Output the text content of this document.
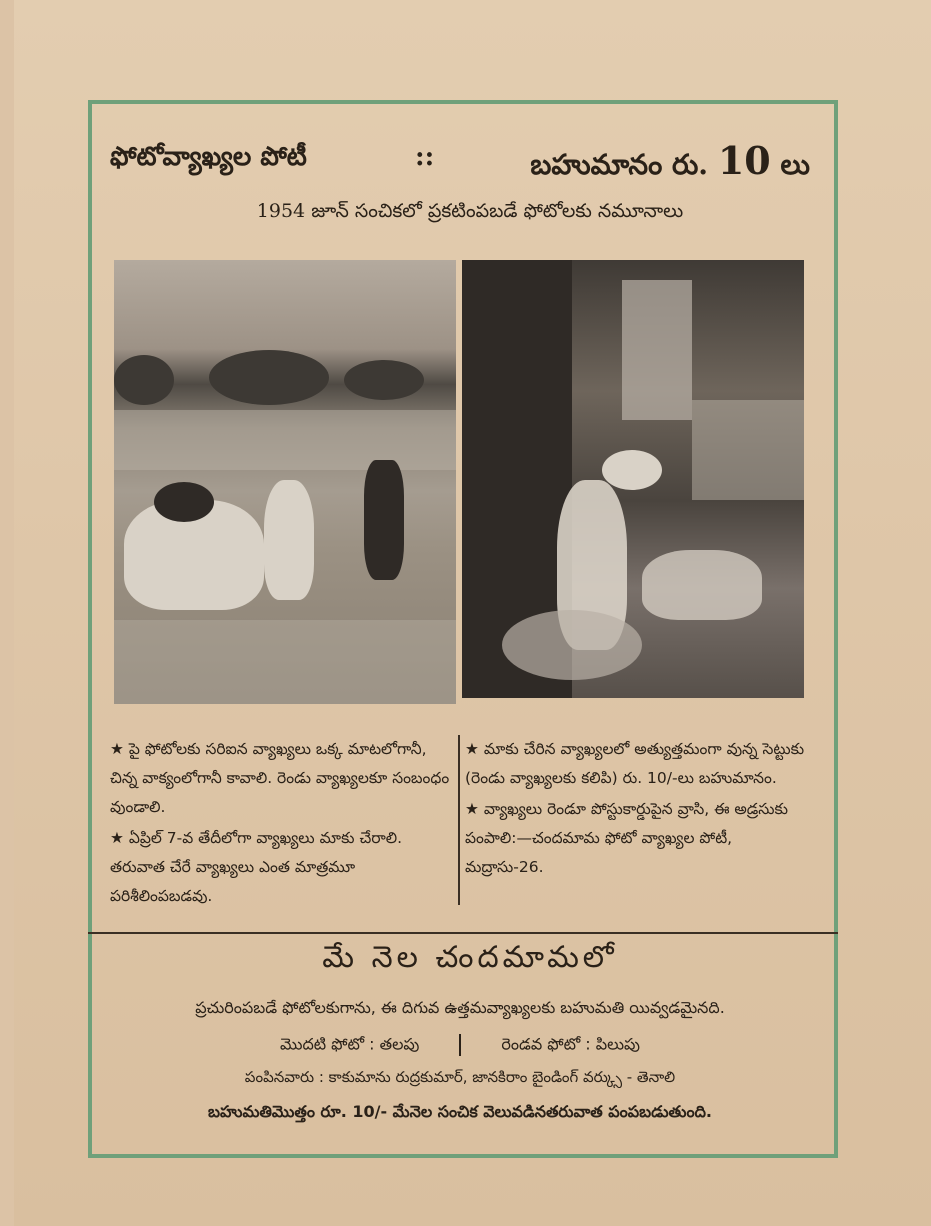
ఫోటోవ్యాఖ్యల పోటీ	::	బహుమానం రు. 10 లు
1954 జూన్ సంచికలో ప్రకటింపబడే ఫోటోలకు నమూనాలు

★ పై ఫోటోలకు సరిఐన వ్యాఖ్యలు ఒక్క మాటలోగానీ, చిన్న వాక్యంలోగానీ కావాలి. రెండు వ్యాఖ్యలకూ సంబంధం వుండాలి.

★ ఏప్రిల్ 7-వ తేదీలోగా వ్యాఖ్యలు మాకు చేరాలి. తరువాత చేరే వ్యాఖ్యలు ఎంత మాత్రమూ పరిశీలింపబడవు.

★ మాకు చేరిన వ్యాఖ్యలలో అత్యుత్తమంగా వున్న సెట్టుకు (రెండు వ్యాఖ్యలకు కలిపి) రు. 10/-లు బహుమానం.

★ వ్యాఖ్యలు రెండూ పోస్టుకార్డుపైన వ్రాసి, ఈ అడ్రసుకు పంపాలి:—చందమామ ఫోటో వ్యాఖ్యల పోటీ, మద్రాసు-26.

మే నెల చందమామలో
ప్రచురింపబడే ఫోటోలకుగాను, ఈ దిగువ ఉత్తమవ్యాఖ్యలకు బహుమతి యివ్వడమైనది.
మొదటి ఫోటో : తలపు	రెండవ ఫోటో : పిలుపు
పంపినవారు : కాకుమాను రుద్రకుమార్, జానకిరాం బైండింగ్ వర్క్సు - తెనాలి
బహుమతిమొత్తం రూ. 10/- మేనెల సంచిక వెలువడినతరువాత పంపబడుతుంది.
